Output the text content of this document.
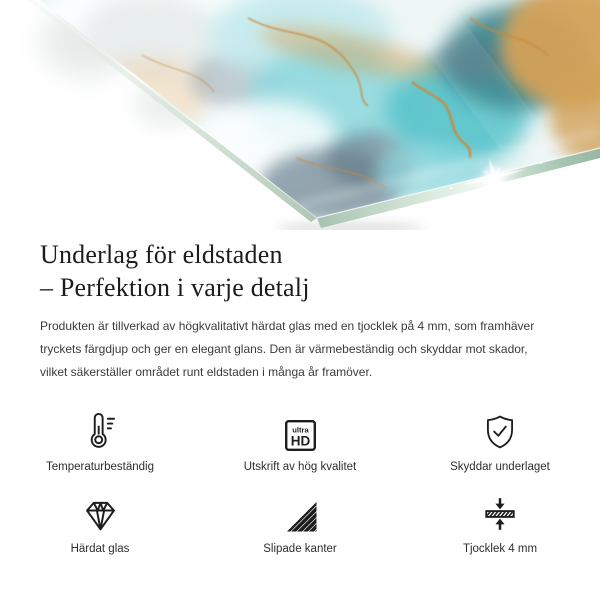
Underlag för eldstaden
– Perfektion i varje detalj

Produkten är tillverkad av högkvalitativt härdat glas med en tjocklek på 4 mm, som framhäver
tryckets färgdjup och ger en elegant glans. Den är värmebeständig och skyddar mot skador,
vilket säkerställer området runt eldstaden i många år framöver.

Temperaturbeständig
ultra
HD
Utskrift av hög kvalitet	Skyddar underlaget
Härdat glas	Slipade kanter	Tjocklek 4 mm
